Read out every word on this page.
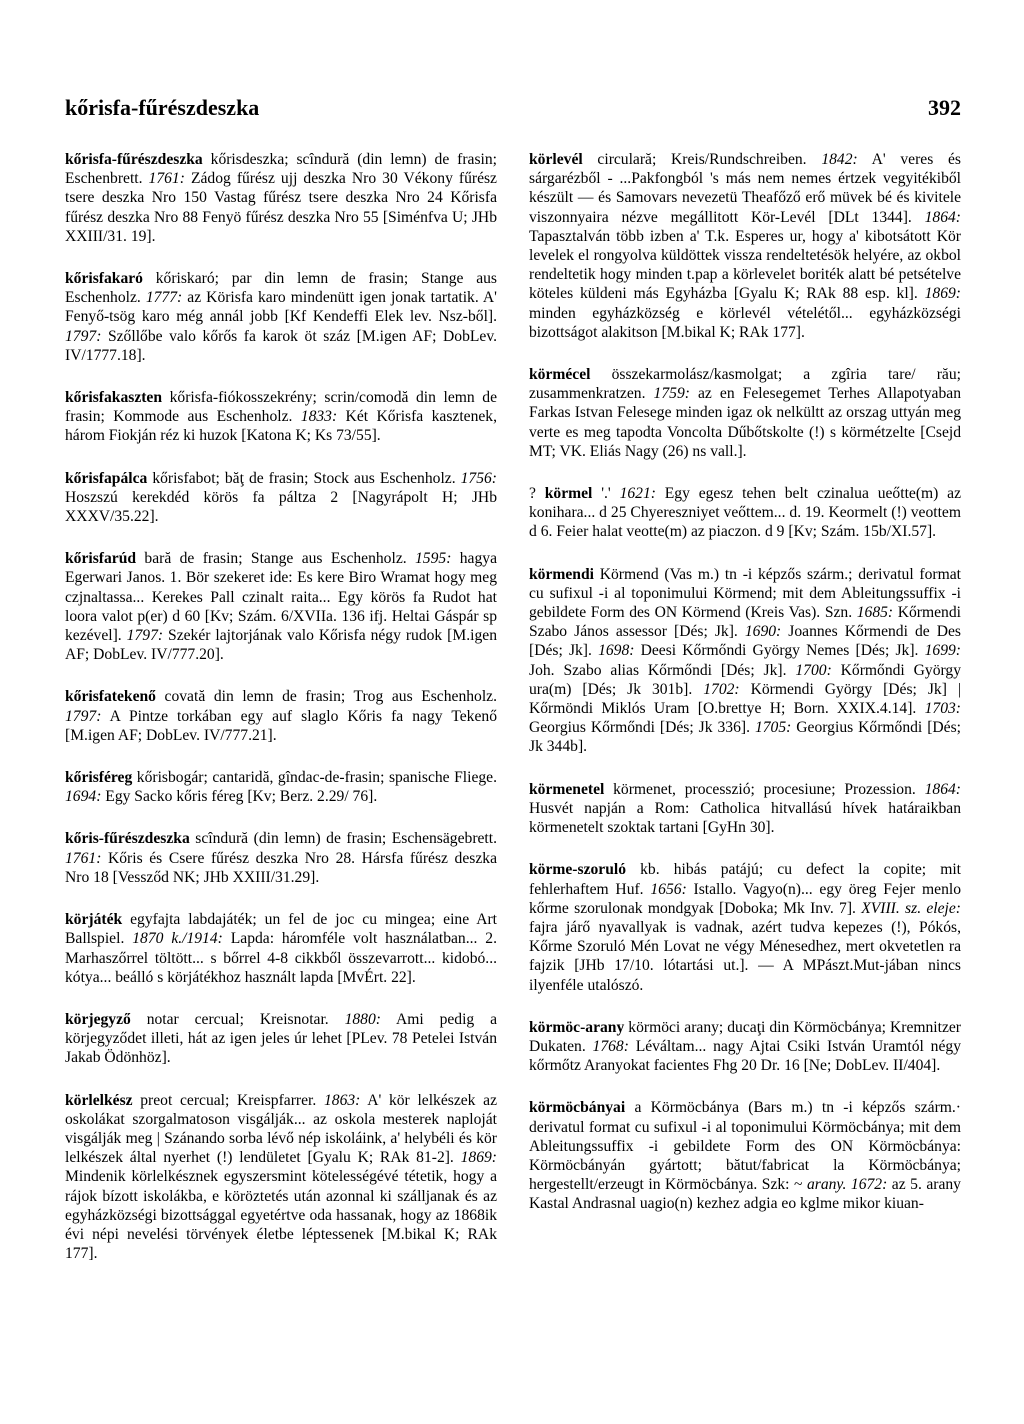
kőrisfa-fűrészdeszka	392

kőrisfa-fűrészdeszka kőrisdeszka; scîndură (din lemn) de frasin; Eschenbrett. 1761: Zádog fűrész ujj deszka Nro 30 Vékony fűrész tsere deszka Nro 150 Vastag fűrész tsere deszka Nro 24 Kőrisfa fűrész deszka Nro 88 Fenyö fűrész deszka Nro 55 [Siménfva U; JHb XXIII/31. 19].

kőrisfakaró kőriskaró; par din lemn de frasin; Stange aus Eschenholz. 1777: az Körisfa karo mindenütt igen jonak tartatik. A' Fenyő-tsög karo még annál jobb [Kf Kendeffi Elek lev. Nsz-ből]. 1797: Szőllőbe valo kőrős fa karok öt száz [M.igen AF; DobLev. IV/1777.18].

kőrisfakaszten kőrisfa-fiókosszekrény; scrin/comodă din lemn de frasin; Kommode aus Eschenholz. 1833: Két Kőrisfa kasztenek, három Fiokján réz ki huzok [Katona K; Ks 73/55].

kőrisfapálca kőrisfabot; băţ de frasin; Stock aus Eschenholz. 1756: Hoszszú kerekdéd körös fa páltza 2 [Nagyrápolt H; JHb XXXV/35.22].

kőrisfarúd bară de frasin; Stange aus Eschenholz. 1595: hagya Egerwari Janos. 1. Bör szekeret ide: Es kere Biro Wramat hogy meg czjnaltassa... Kerekes Pall czinalt raita... Egy körös fa Rudot hat loora valot p(er) d 60 [Kv; Szám. 6/XVIIa. 136 ifj. Heltai Gáspár sp kezével]. 1797: Szekér lajtorjának valo Kőrisfa négy rudok [M.igen AF; DobLev. IV/777.20].

kőrisfatekenő covată din lemn de frasin; Trog aus Eschenholz. 1797: A Pintze torkában egy auf slaglo Kőris fa nagy Tekenő [M.igen AF; DobLev. IV/777.21].

kőrisféreg kőrisbogár; cantaridă, gîndac-de-frasin; spanische Fliege. 1694: Egy Sacko kőris féreg [Kv; Berz. 2.29/ 76].

kőris-fűrészdeszka scîndură (din lemn) de frasin; Eschensägebrett. 1761: Kőris és Csere fűrész deszka Nro 28. Hársfa fűrész deszka Nro 18 [Vessződ NK; JHb XXIII/31.29].

körjáték egyfajta labdajáték; un fel de joc cu mingea; eine Art Ballspiel. 1870 k./1914: Lapda: háromféle volt használatban... 2. Marhaszőrrel töltött... s bőrrel 4-8 cikkből összevarrott... kidobó... kótya... beálló s körjátékhoz használt lapda [MvÉrt. 22].

körjegyző notar cercual; Kreisnotar. 1880: Ami pedig a körjegyződet illeti, hát az igen jeles úr lehet [PLev. 78 Petelei István Jakab Ödönhöz].

körlelkész preot cercual; Kreispfarrer. 1863: A' kör lelkészek az oskolákat szorgalmatoson visgálják... az oskola mesterek naploját visgálják meg | Szánando sorba lévő nép iskoláink, a' helybéli és kör lelkészek által nyerhet (!) lendületet [Gyalu K; RAk 81-2]. 1869: Mindenik körlelkésznek egyszersmint kötelességévé tétetik, hogy a rájok bízott iskolákba, e köröztetés után azonnal ki szálljanak és az egyházközségi bizottsággal egyetértve oda hassanak, hogy az 1868ik évi népi nevelési törvények életbe léptessenek [M.bikal K; RAk 177].

körlevél circulară; Kreis/Rundschreiben. 1842: A' veres és sárgarézből - ...Pakfongból 's más nem nemes értzek vegyitékiből készült — és Samovars nevezetü Theafőző erő müvek bé és kivitele viszonnyaira nézve megállitott Kör-Levél [DLt 1344]. 1864: Tapasztalván több izben a' T.k. Esperes ur, hogy a' kibotsátott Kör levelek el rongyolva küldöttek vissza rendeltetésök helyére, az okbol rendeltetik hogy minden t.pap a körlevelet boriték alatt bé petsételve köteles küldeni más Egyházba [Gyalu K; RAk 88 esp. kl]. 1869: minden egyházközség e körlevél vételétől... egyházközségi bizottságot alakitson [M.bikal K; RAk 177].

körmécel összekarmolász/kasmolgat; a zgîria tare/ rău; zusammenkratzen. 1759: az en Felesegemet Terhes Allapotyaban Farkas Istvan Felesege minden igaz ok nelkültt az orszag uttyán meg verte es meg tapodta Voncolta Dűbőtskolte (!) s körmétzelte [Csejd MT; VK. Eliás Nagy (26) ns vall.].

? körmel '.' 1621: Egy egesz tehen belt czinalua ueőtte(m) az konihara... d 25 Chyereszniyet veőttem... d. 19. Keormelt (!) veottem d 6. Feier halat veotte(m) az piaczon. d 9 [Kv; Szám. 15b/XI.57].

körmendi Körmend (Vas m.) tn -i képzős szárm.; derivatul format cu sufixul -i al toponimului Körmend; mit dem Ableitungssuffix -i gebildete Form des ON Körmend (Kreis Vas). Szn. 1685: Kőrmendi Szabo János assessor [Dés; Jk]. 1690: Joannes Kőrmendi de Des [Dés; Jk]. 1698: Deesi Kőrmőndi György Nemes [Dés; Jk]. 1699: Joh. Szabo alias Kőrmőndi [Dés; Jk]. 1700: Kőrmőndi György ura(m) [Dés; Jk 301b]. 1702: Körmendi György [Dés; Jk] | Kőrmöndi Miklós Uram [O.brettye H; Born. XXIX.4.14]. 1703: Georgius Kőrmőndi [Dés; Jk 336]. 1705: Georgius Kőrmőndi [Dés; Jk 344b].

körmenetel körmenet, processzió; procesiune; Prozession. 1864: Husvét napján a Rom: Catholica hitvallású hívek határaikban körmenetelt szoktak tartani [GyHn 30].

körme-szoruló kb. hibás patájú; cu defect la copite; mit fehlerhaftem Huf. 1656: Istallo. Vagyo(n)... egy öreg Fejer menlo kőrme szorulonak mondgyak [Doboka; Mk Inv. 7]. XVIII. sz. eleje: fajra járő nyavallyak is vadnak, azért tudva kepezes (!), Pókós, Kőrme Szoruló Mén Lovat ne végy Ménesedhez, mert okvetetlen ra fajzik [JHb 17/10. lótartási ut.]. — A MPászt.Mut-jában nincs ilyenféle utalószó.

körmöc-arany körmöci arany; ducaţi din Körmöcbánya; Kremnitzer Dukaten. 1768: Léváltam... nagy Ajtai Csiki István Uramtól négy kőrmőtz Aranyokat facientes Fhg 20 Dr. 16 [Ne; DobLev. II/404].

körmöcbányai a Körmöcbánya (Bars m.) tn -i képzős szárm.· derivatul format cu sufixul -i al toponimului Körmöcbánya; mit dem Ableitungssuffix -i gebildete Form des ON Körmöcbánya: Körmöcbányán gyártott; bătut/fabricat la Körmöcbánya; hergestellt/erzeugt in Körmöcbánya. Szk: ~ arany. 1672: az 5. arany Kastal Andrasnal uagio(n) kezhez adgia eo kglme mikor kiuan-
